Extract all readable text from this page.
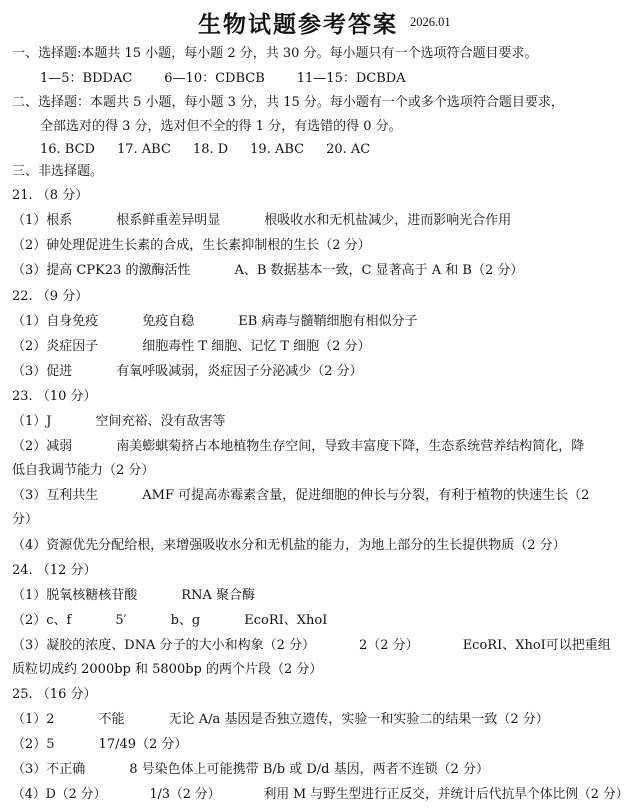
生物试题参考答案 2026.01
一、选择题:本题共 15 小题，每小题 2 分，共 30 分。每小题只有一个选项符合题目要求。
1—5：BDDAC 6—10：CDBCB 11—15：DCBDA
二、选择题：本题共 5 小题，每小题 3 分，共 15 分。每小题有一个或多个选项符合题目要求，
全部选对的得 3 分，选对但不全的得 1 分，有选错的得 0 分。
16. BCD 17. ABC 18. D 19. ABC 20. AC
三、非选择题。
21. （8 分）
（1）根系	根系鲜重差异明显	根吸收水和无机盐减少，进而影响光合作用
（2）砷处理促进生长素的合成，生长素抑制根的生长（2 分）
（3）提高 CPK23 的激酶活性	A、B 数据基本一致，C 显著高于 A 和 B（2 分）
22. （9 分）
（1）自身免疫	免疫自稳	EB 病毒与髓鞘细胞有相似分子
（2）炎症因子	细胞毒性 T 细胞、记忆 T 细胞（2 分）
（3）促进	有氧呼吸减弱，炎症因子分泌减少（2 分）
23. （10 分）
（1）J	空间充裕、没有敌害等
（2）减弱	南美蟛蜞菊挤占本地植物生存空间，导致丰富度下降，生态系统营养结构简化，降
低自我调节能力（2 分）
（3）互利共生	AMF 可提高赤霉素含量，促进细胞的伸长与分裂，有利于植物的快速生长（2
分）
（4）资源优先分配给根，来增强吸收水分和无机盐的能力，为地上部分的生长提供物质（2 分）
24. （12 分）
（1）脱氧核糖核苷酸	RNA 聚合酶
（2）c、f	5′	b、g	EcoRI、XhoI
（3）凝胶的浓度、DNA 分子的大小和构象（2 分）	2（2 分）	EcoRI、XhoI可以把重组
质粒切成约 2000bp 和 5800bp 的两个片段（2 分）
25. （16 分）
（1）2	不能	无论 A/a 基因是否独立遗传，实验一和实验二的结果一致（2 分）
（2）5	17/49（2 分）
（3）不正确	8 号染色体上可能携带 B/b 或 D/d 基因，两者不连锁（2 分）
（4）D（2 分）	1/3（2 分）	利用 M 与野生型进行正反交，并统计后代抗旱个体比例（2 分）
